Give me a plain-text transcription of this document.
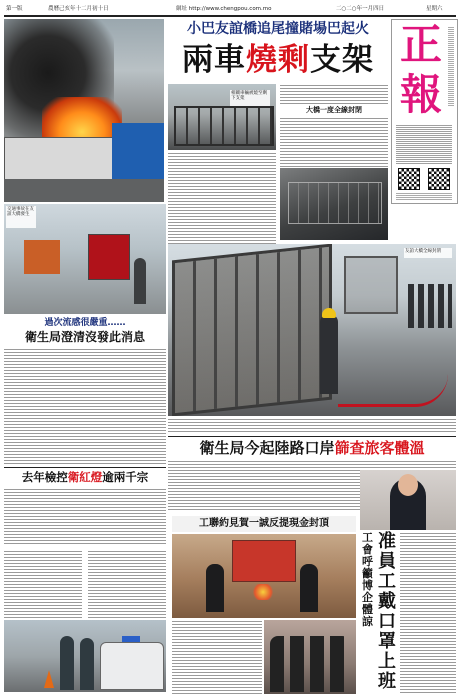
第一版	農曆己亥年十二月初十日	網址 http://www.chengpou.com.mo	二○二○年一月四日	星期六
小巴友誼橋追尾撞賭場巴起火
兩車燒剩支架 正
報
相關車輛被燒至剩下支架
大橋一度全線封閉
交通事故在友誼大橋發生
友誼大橋全線封閉
過次流感很嚴重……
衛生局澄清沒發此消息
衛生局今起陸路口岸篩查旅客體溫
去年檢控衛紅燈逾兩千宗
工聯約見賀一誠反提現金封頂
工會呼籲博企體諒
准員工戴口罩上班
